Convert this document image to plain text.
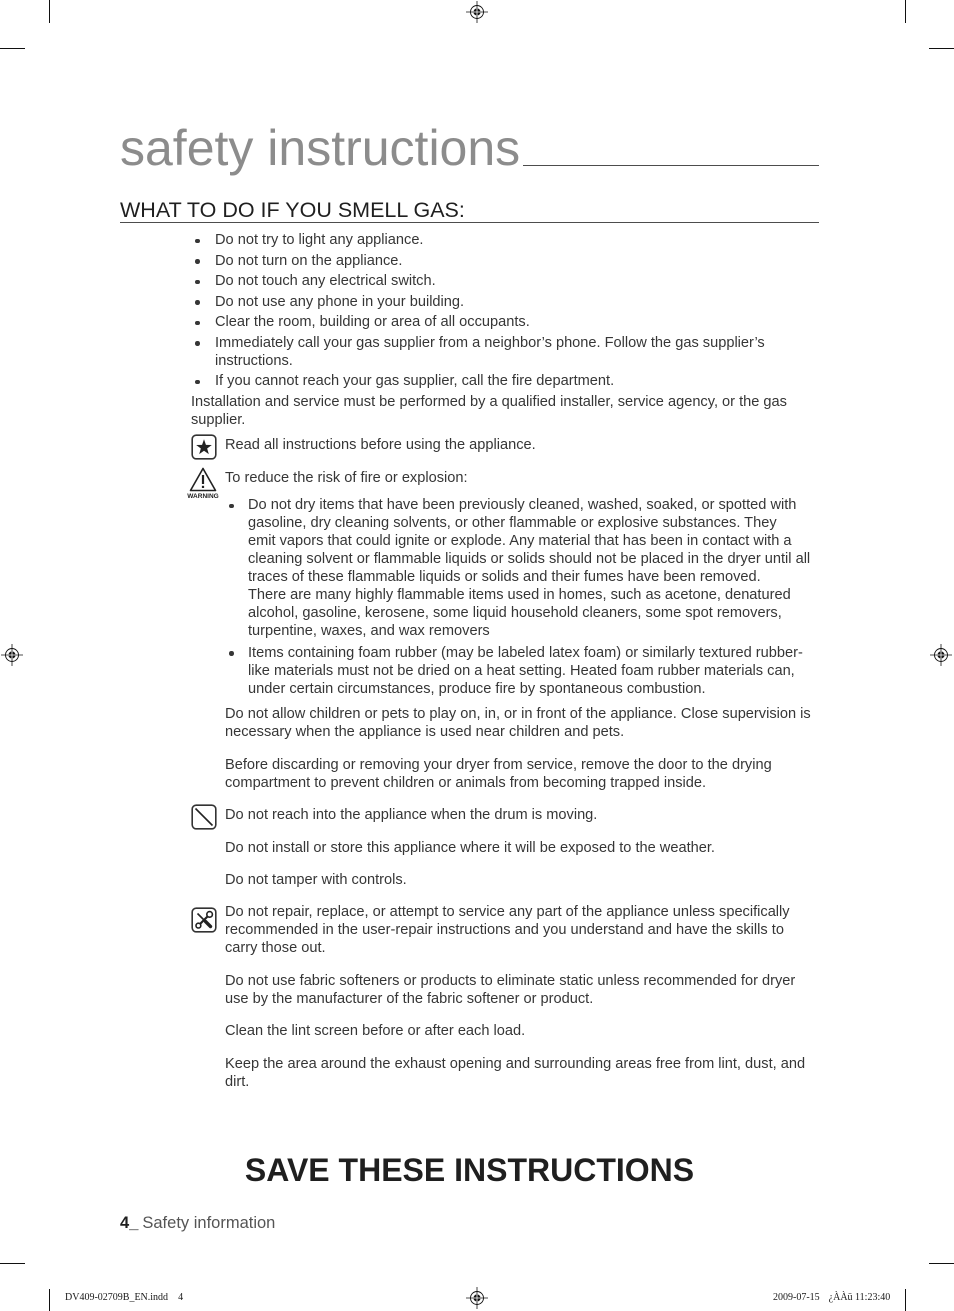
safety instructions
WHAT TO DO IF YOU SMELL GAS:
Do not try to light any appliance.
Do not turn on the appliance.
Do not touch any electrical switch.
Do not use any phone in your building.
Clear the room, building or area of all occupants.
Immediately call your gas supplier from a neighbor’s phone. Follow the gas supplier’s
instructions.
If you cannot reach your gas supplier, call the fire department.
Installation and service must be performed by a qualified installer, service agency, or the gas
supplier.
Read all instructions before using the appliance.
WARNING
To reduce the risk of fire or explosion:
Do not dry items that have been previously cleaned, washed, soaked, or spotted with
gasoline, dry cleaning solvents, or other flammable or explosive substances. They
emit vapors that could ignite or explode. Any material that has been in contact with a
cleaning solvent or flammable liquids or solids should not be placed in the dryer until all
traces of these flammable liquids or solids and their fumes have been removed.
There are many highly flammable items used in homes, such as acetone, denatured
alcohol, gasoline, kerosene, some liquid household cleaners, some spot removers,
turpentine, waxes, and wax removers
Items containing foam rubber (may be labeled latex foam) or similarly textured rubber-
like materials must not be dried on a heat setting. Heated foam rubber materials can,
under certain circumstances, produce fire by spontaneous combustion.
Do not allow children or pets to play on, in, or in front of the appliance. Close supervision is
necessary when the appliance is used near children and pets.
Before discarding or removing your dryer from service, remove the door to the drying
compartment to prevent children or animals from becoming trapped inside.
Do not reach into the appliance when the drum is moving.
Do not install or store this appliance where it will be exposed to the weather.
Do not tamper with controls.
Do not repair, replace, or attempt to service any part of the appliance unless specifically
recommended in the user-repair instructions and you understand and have the skills to
carry those out.
Do not use fabric softeners or products to eliminate static unless recommended for dryer
use by the manufacturer of the fabric softener or product.
Clean the lint screen before or after each load.
Keep the area around the exhaust opening and surrounding areas free from lint, dust, and
dirt.
SAVE THESE INSTRUCTIONS
4_ Safety information
DV409-02709B_EN.indd 4	2009-07-15 ¿ÀÀü 11:23:40
